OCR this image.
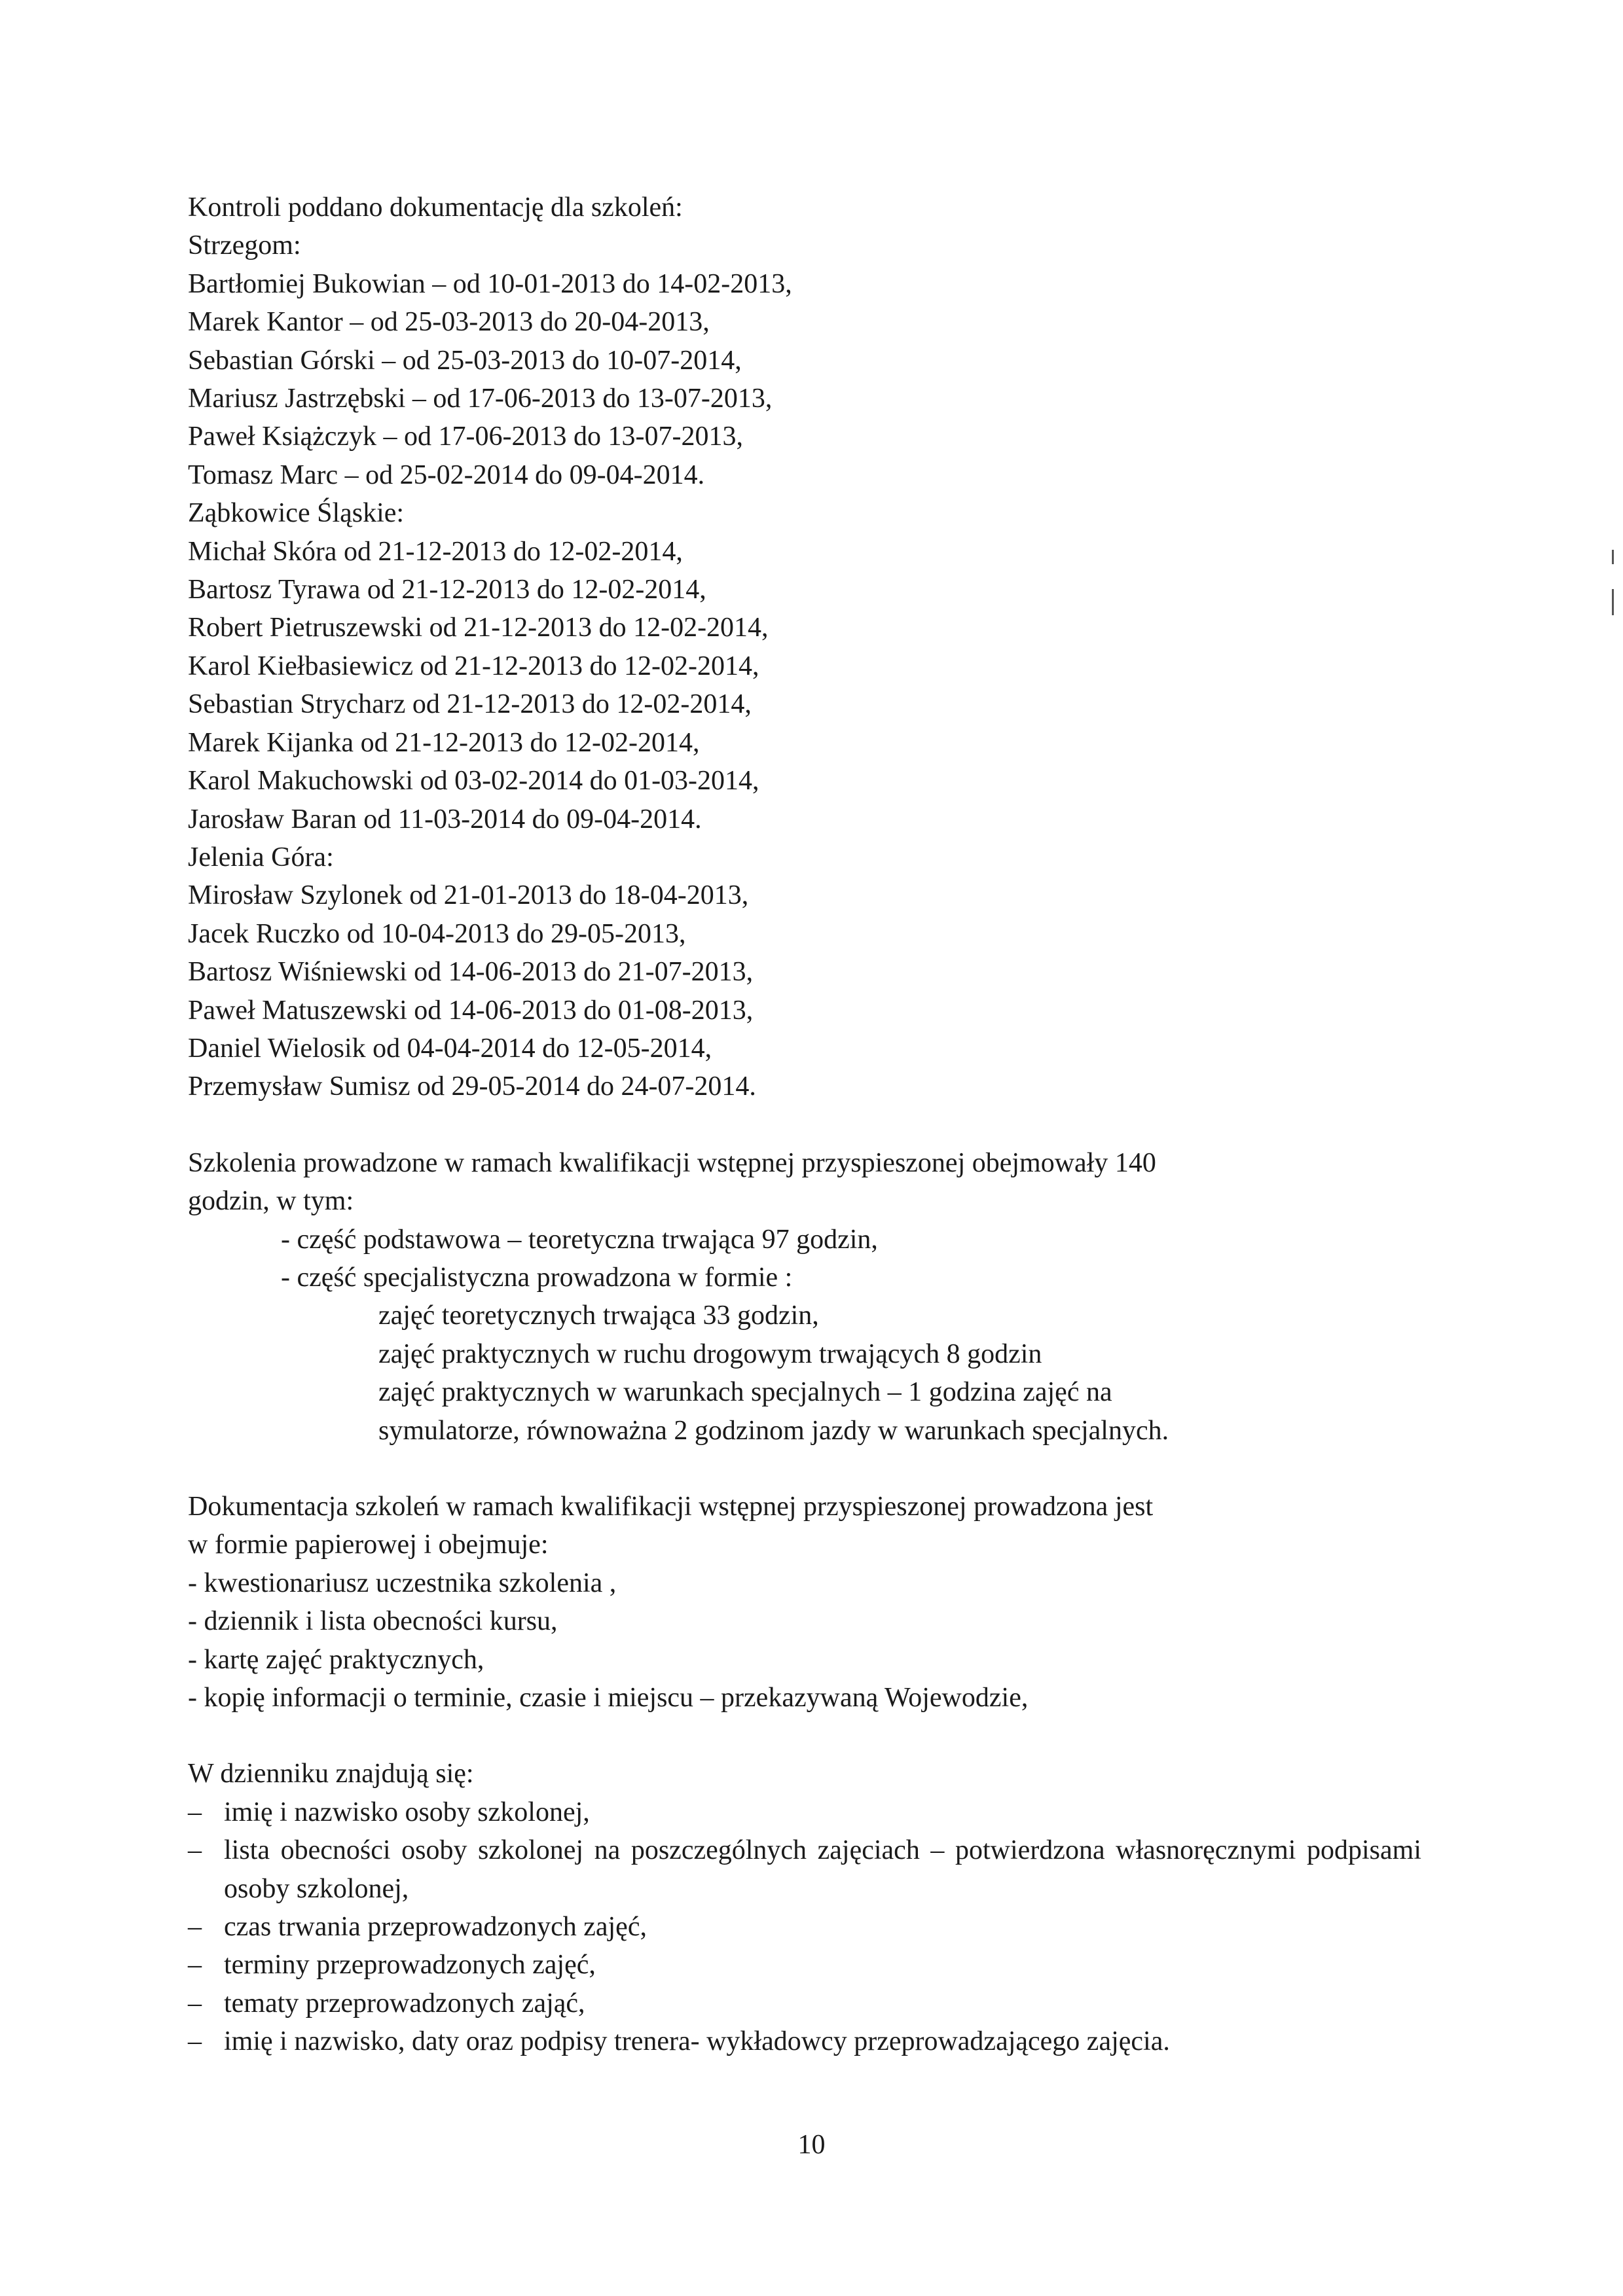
Kontroli poddano dokumentację dla szkoleń:
Strzegom:
Bartłomiej Bukowian – od 10-01-2013 do 14-02-2013,
Marek Kantor – od 25-03-2013 do 20-04-2013,
Sebastian Górski – od 25-03-2013 do 10-07-2014,
Mariusz Jastrzębski – od 17-06-2013 do 13-07-2013,
Paweł Książczyk – od 17-06-2013 do 13-07-2013,
Tomasz Marc – od 25-02-2014 do 09-04-2014.
Ząbkowice Śląskie:
Michał Skóra od 21-12-2013 do 12-02-2014,
Bartosz Tyrawa od 21-12-2013 do 12-02-2014,
Robert Pietruszewski od 21-12-2013 do 12-02-2014,
Karol Kiełbasiewicz od 21-12-2013 do 12-02-2014,
Sebastian Strycharz od 21-12-2013 do 12-02-2014,
Marek Kijanka od 21-12-2013 do 12-02-2014,
Karol Makuchowski od 03-02-2014 do 01-03-2014,
Jarosław Baran od 11-03-2014 do 09-04-2014.
Jelenia Góra:
Mirosław Szylonek od 21-01-2013 do 18-04-2013,
Jacek Ruczko od 10-04-2013 do 29-05-2013,
Bartosz Wiśniewski od 14-06-2013 do 21-07-2013,
Paweł Matuszewski od 14-06-2013 do 01-08-2013,
Daniel Wielosik od 04-04-2014 do 12-05-2014,
Przemysław Sumisz od 29-05-2014 do 24-07-2014.
Szkolenia prowadzone w ramach kwalifikacji wstępnej przyspieszonej obejmowały 140
godzin, w tym:
- część podstawowa – teoretyczna trwająca 97 godzin,
- część specjalistyczna prowadzona w formie :
zajęć teoretycznych trwająca 33 godzin,
zajęć praktycznych w ruchu drogowym trwających 8 godzin
zajęć praktycznych w warunkach specjalnych – 1 godzina zajęć na
symulatorze, równoważna 2 godzinom jazdy w warunkach specjalnych.
Dokumentacja szkoleń w ramach kwalifikacji wstępnej przyspieszonej prowadzona jest
w formie papierowej i obejmuje:
- kwestionariusz uczestnika szkolenia ,
- dziennik i lista obecności kursu,
- kartę zajęć praktycznych,
- kopię informacji o terminie, czasie i miejscu – przekazywaną Wojewodzie,
W dzienniku znajdują się:
– imię i nazwisko osoby szkolonej,
– lista obecności osoby szkolonej na poszczególnych zajęciach – potwierdzona własnoręcznymi podpisami osoby szkolonej,
– czas trwania przeprowadzonych zajęć,
– terminy przeprowadzonych zajęć,
– tematy przeprowadzonych zająć,
– imię i nazwisko, daty oraz podpisy trenera- wykładowcy przeprowadzającego zajęcia.
10
